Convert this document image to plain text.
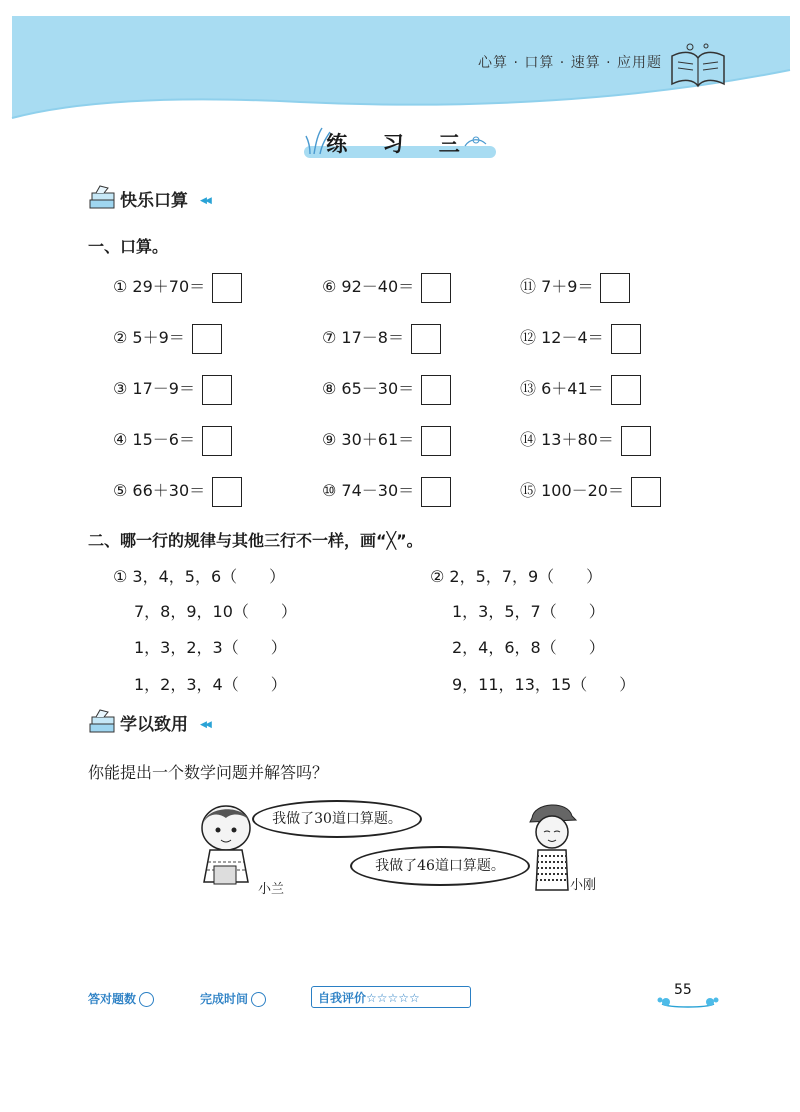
心算 · 口算 · 速算 · 应用题
练 习 三
快乐口算 ◀◀
一、口算。
① 29＋70＝
② 5＋9＝
③ 17－9＝
④ 15－6＝
⑤ 66＋30＝
⑥ 92－40＝
⑦ 17－8＝
⑧ 65－30＝
⑨ 30＋61＝
⑩ 74－30＝
⑪ 7＋9＝
⑫ 12－4＝
⑬ 6＋41＝
⑭ 13＋80＝
⑮ 100－20＝
二、哪一行的规律与其他三行不一样，画“╳”。
① 3，4，5，6（　　）
7，8，9，10（　　）
1，3，2，3（　　）
1，2，3，4（　　）
② 2，5，7，9（　　）
1，3，5，7（　　）
2，4，6，8（　　）
9，11，13，15（　　）
学以致用 ◀◀
你能提出一个数学问题并解答吗？
小兰
我做了30道口算题。
我做了46道口算题。
小刚
答对题数	完成时间	自我评价☆☆☆☆☆	55
